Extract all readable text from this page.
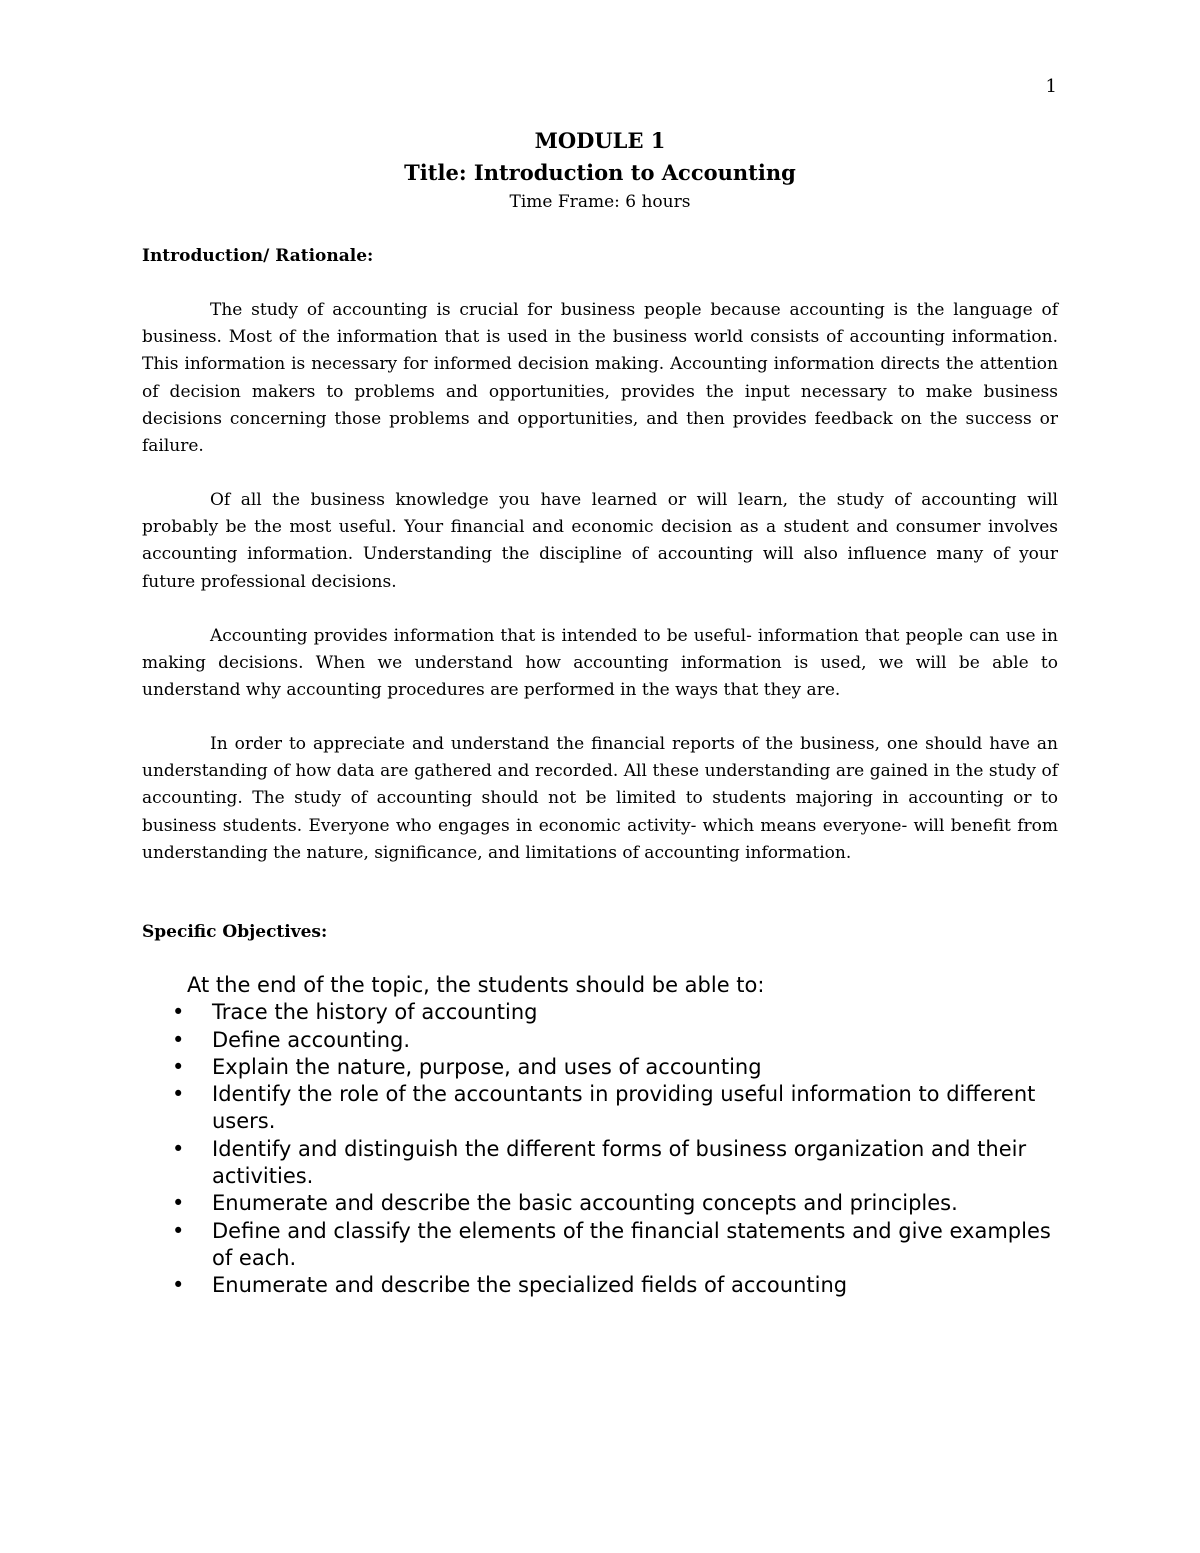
1
MODULE 1
Title: Introduction to Accounting
Time Frame: 6 hours
Introduction/ Rationale:

The study of accounting is crucial for business people because accounting is the language of business. Most of the information that is used in the business world consists of accounting information. This information is necessary for informed decision making. Accounting information directs the attention of decision makers to problems and opportunities, provides the input necessary to make business decisions concerning those problems and opportunities, and then provides feedback on the success or failure.

Of all the business knowledge you have learned or will learn, the study of accounting will probably be the most useful. Your financial and economic decision as a student and consumer involves accounting information. Understanding the discipline of accounting will also influence many of your future professional decisions.

Accounting provides information that is intended to be useful- information that people can use in making decisions. When we understand how accounting information is used, we will be able to understand why accounting procedures are performed in the ways that they are.

In order to appreciate and understand the financial reports of the business, one should have an understanding of how data are gathered and recorded. All these understanding are gained in the study of accounting. The study of accounting should not be limited to students majoring in accounting or to business students. Everyone who engages in economic activity- which means everyone- will benefit from understanding the nature, significance, and limitations of accounting information.

Specific Objectives:

At the end of the topic, the students should be able to:

• Trace the history of accounting
• Define accounting.
• Explain the nature, purpose, and uses of accounting
• Identify the role of the accountants in providing useful information to different users.
• Identify and distinguish the different forms of business organization and their activities.
• Enumerate and describe the basic accounting concepts and principles.
• Define and classify the elements of the financial statements and give examples of each.
• Enumerate and describe the specialized fields of accounting
